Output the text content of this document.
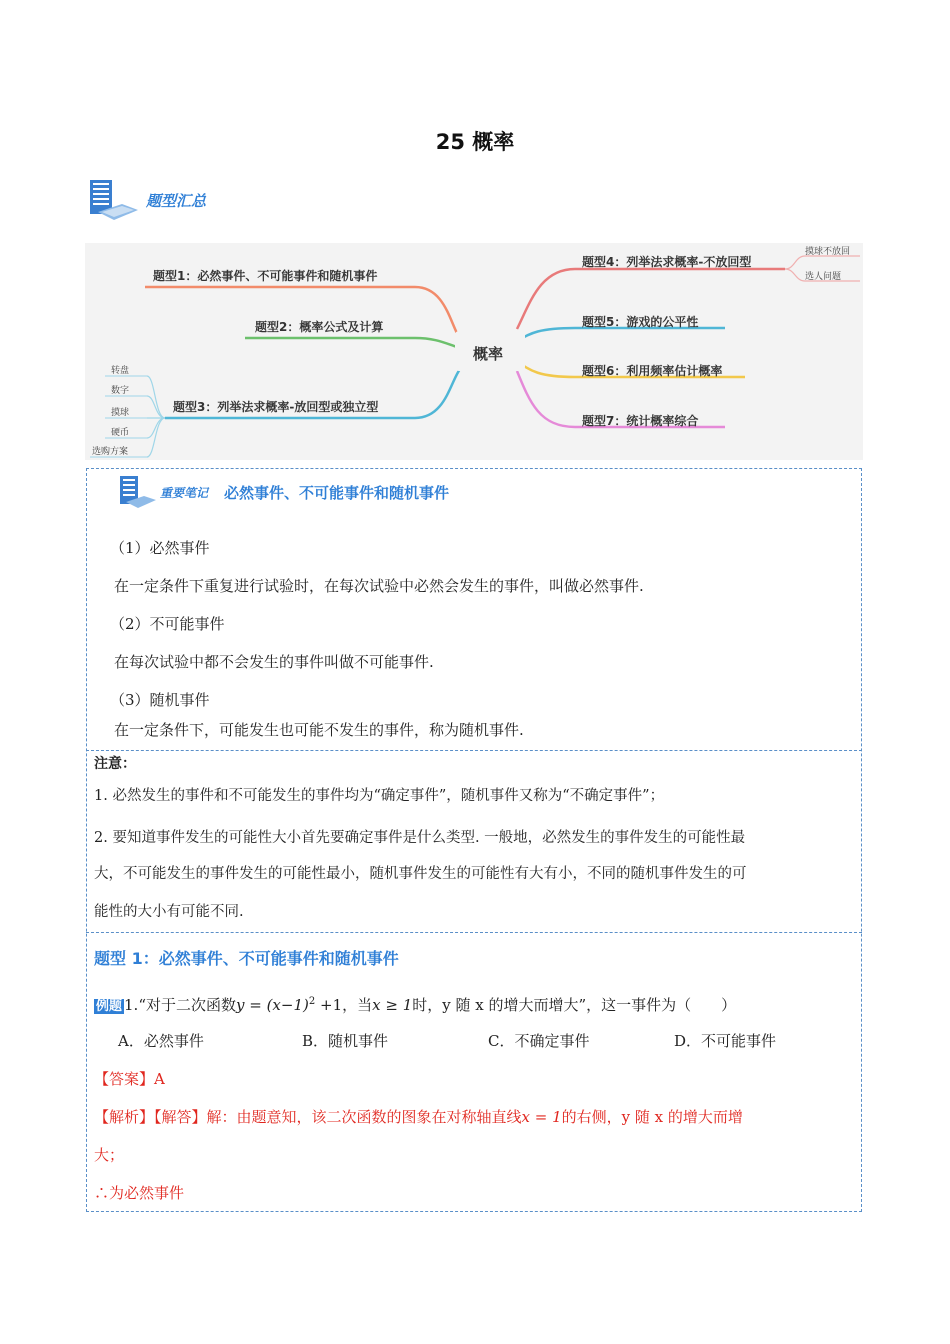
25 概率
题型汇总
概率
题型1：必然事件、不可能事件和随机事件
题型2：概率公式及计算
题型3：列举法求概率-放回型或独立型
转盘
数字
摸球
硬币
选购方案
题型4：列举法求概率-不放回型
题型5：游戏的公平性
题型6：利用频率估计概率
题型7：统计概率综合
摸球不放回
选人问题
重要笔记 必然事件、不可能事件和随机事件
（1）必然事件
在一定条件下重复进行试验时，在每次试验中必然会发生的事件，叫做必然事件.
（2）不可能事件
在每次试验中都不会发生的事件叫做不可能事件.
（3）随机事件
在一定条件下，可能发生也可能不发生的事件，称为随机事件.
注意：
1. 必然发生的事件和不可能发生的事件均为“确定事件”，随机事件又称为“不确定事件”；
2. 要知道事件发生的可能性大小首先要确定事件是什么类型. 一般地，必然发生的事件发生的可能性最
大，不可能发生的事件发生的可能性最小，随机事件发生的可能性有大有小，不同的随机事件发生的可
能性的大小有可能不同.
题型 1：必然事件、不可能事件和随机事件
例题 1.“对于二次函数$y = (x-1)^2 +1$，当x ≥ 1时，y 随 x 的增大而增大”，这一事件为（　　）
A．必然事件	B．随机事件	C．不确定事件	D．不可能事件
【答案】A
【解析】【解答】解：由题意知，该二次函数的图象在对称轴直线x = 1的右侧，y 随 x 的增大而增
大；
∴为必然事件
